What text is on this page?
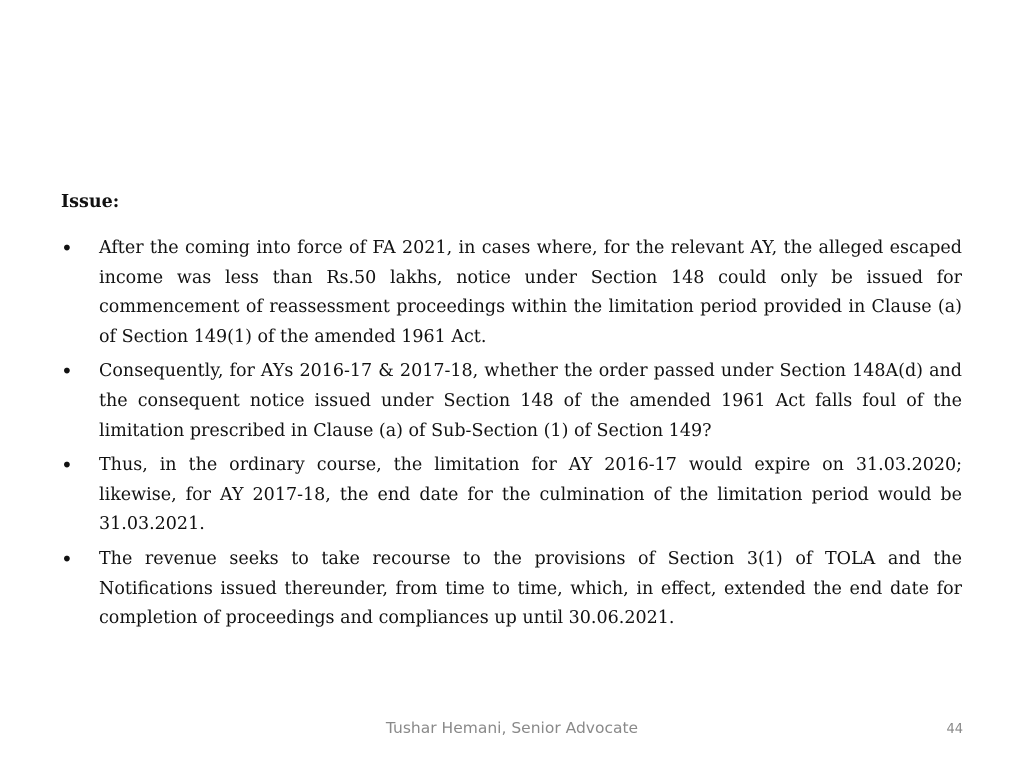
Issue:
• After the coming into force of FA 2021, in cases where, for the relevant AY, the alleged escaped income was less than Rs.50 lakhs, notice under Section 148 could only be issued for commencement of reassessment proceedings within the limitation period provided in Clause (a) of Section 149(1) of the amended 1961 Act.
• Consequently, for AYs 2016-17 & 2017-18, whether the order passed under Section 148A(d) and the consequent notice issued under Section 148 of the amended 1961 Act falls foul of the limitation prescribed in Clause (a) of Sub-Section (1) of Section 149?
• Thus, in the ordinary course, the limitation for AY 2016-17 would expire on 31.03.2020; likewise, for AY 2017-18, the end date for the culmination of the limitation period would be 31.03.2021.
• The revenue seeks to take recourse to the provisions of Section 3(1) of TOLA and the Notifications issued thereunder, from time to time, which, in effect, extended the end date for completion of proceedings and compliances up until 30.06.2021.
Tushar Hemani, Senior Advocate	44
